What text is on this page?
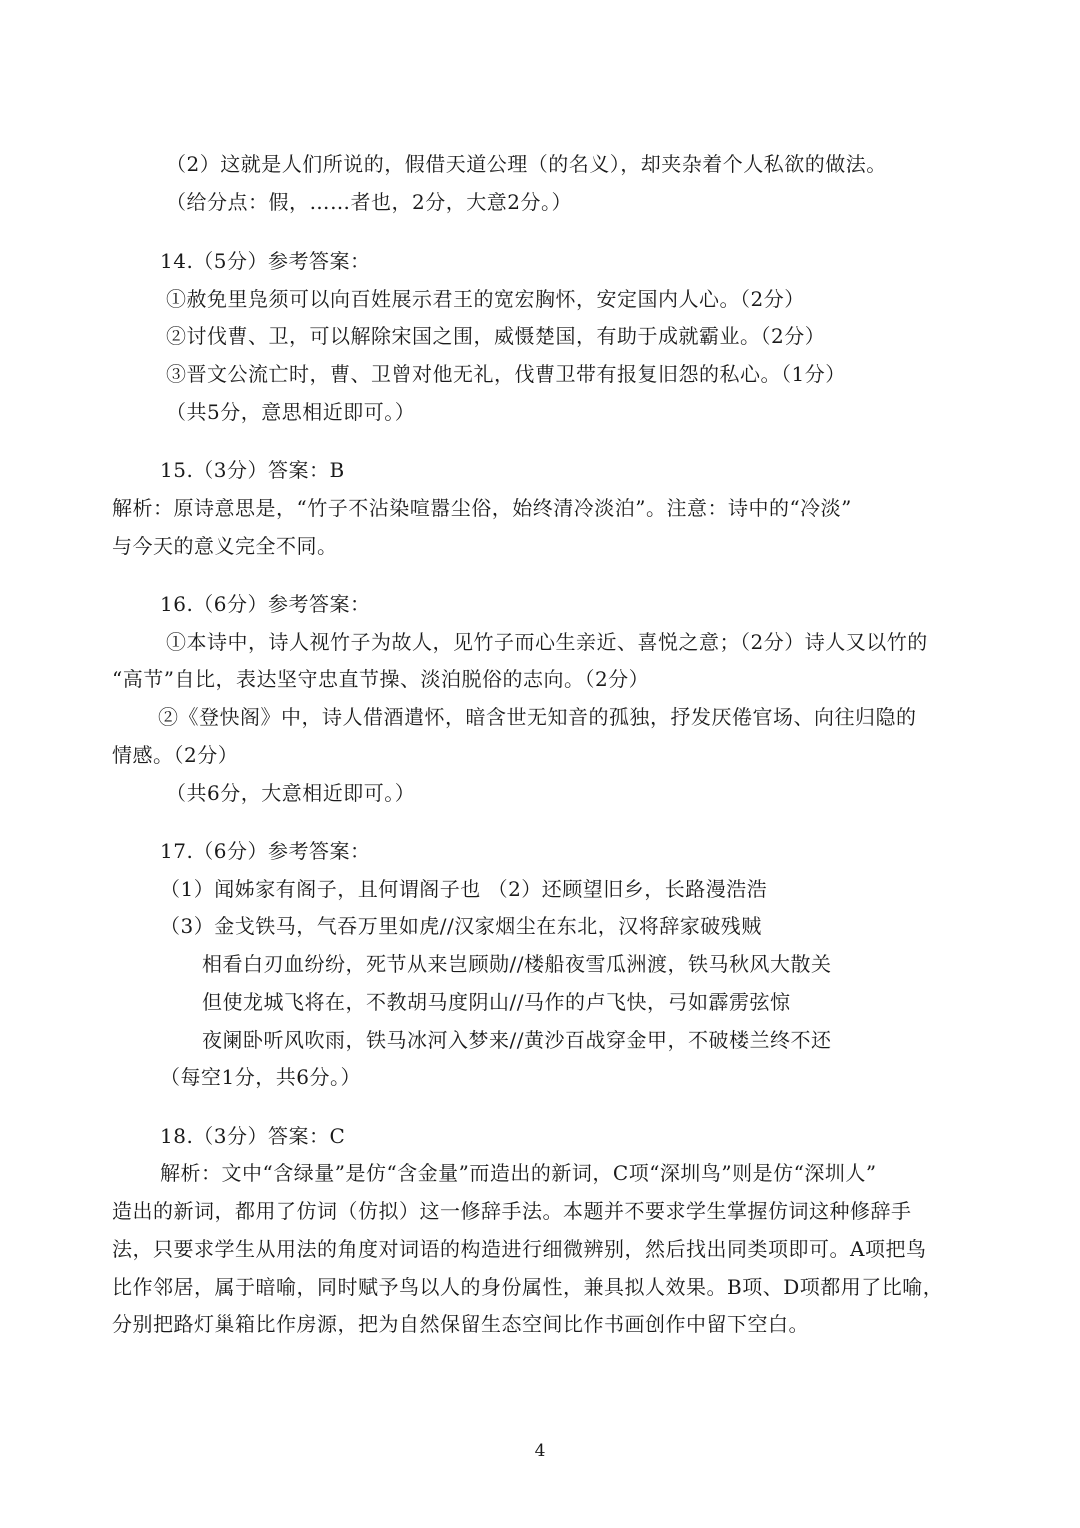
（2）这就是人们所说的，假借天道公理（的名义），却夹杂着个人私欲的做法。
（给分点：假，……者也，2分，大意2分。）
14.（5分）参考答案：
①赦免里凫须可以向百姓展示君王的宽宏胸怀，安定国内人心。（2分）
②讨伐曹、卫，可以解除宋国之围，威慑楚国，有助于成就霸业。（2分）
③晋文公流亡时，曹、卫曾对他无礼，伐曹卫带有报复旧怨的私心。（1分）
（共5分，意思相近即可。）
15.（3分）答案：B
解析：原诗意思是，“竹子不沾染喧嚣尘俗，始终清冷淡泊”。注意：诗中的“冷淡”
与今天的意义完全不同。
16.（6分）参考答案：
①本诗中，诗人视竹子为故人，见竹子而心生亲近、喜悦之意；（2分）诗人又以竹的
“高节”自比，表达坚守忠直节操、淡泊脱俗的志向。（2分）
②《登快阁》中，诗人借酒遣怀，暗含世无知音的孤独，抒发厌倦官场、向往归隐的
情感。（2分）
（共6分，大意相近即可。）
17.（6分）参考答案：
（1）闻姊家有阁子，且何谓阁子也 （2）还顾望旧乡，长路漫浩浩
（3）金戈铁马，气吞万里如虎//汉家烟尘在东北，汉将辞家破残贼
相看白刃血纷纷，死节从来岂顾勋//楼船夜雪瓜洲渡，铁马秋风大散关
但使龙城飞将在，不教胡马度阴山//马作的卢飞快，弓如霹雳弦惊
夜阑卧听风吹雨，铁马冰河入梦来//黄沙百战穿金甲，不破楼兰终不还
（每空1分，共6分。）
18.（3分）答案：C
解析：文中“含绿量”是仿“含金量”而造出的新词，C项“深圳鸟”则是仿“深圳人”
造出的新词，都用了仿词（仿拟）这一修辞手法。本题并不要求学生掌握仿词这种修辞手
法，只要求学生从用法的角度对词语的构造进行细微辨别，然后找出同类项即可。A项把鸟
比作邻居，属于暗喻，同时赋予鸟以人的身份属性，兼具拟人效果。B项、D项都用了比喻，
分别把路灯巢箱比作房源，把为自然保留生态空间比作书画创作中留下空白。
4
